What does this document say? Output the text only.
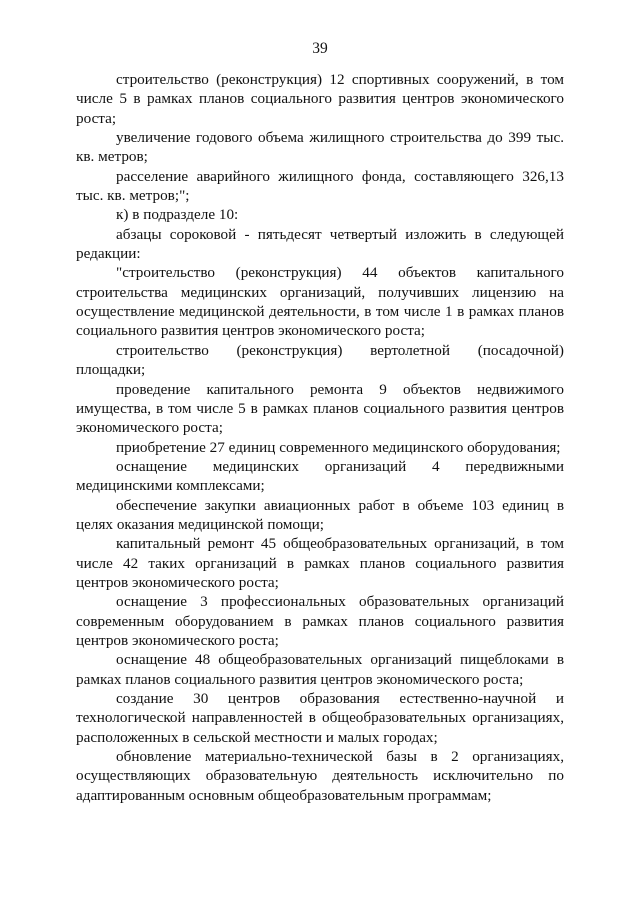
39

строительство (реконструкция) 12 спортивных сооружений, в том числе 5 в рамках планов социального развития центров экономического роста;

увеличение годового объема жилищного строительства до 399 тыс. кв. метров;

расселение аварийного жилищного фонда, составляющего 326,13 тыс. кв. метров;";

к) в подразделе 10:

абзацы сороковой - пятьдесят четвертый изложить в следующей редакции:

"строительство (реконструкция) 44 объектов капитального строительства медицинских организаций, получивших лицензию на осуществление медицинской деятельности, в том числе 1 в рамках планов социального развития центров экономического роста;

строительство (реконструкция) вертолетной (посадочной) площадки;

проведение капитального ремонта 9 объектов недвижимого имущества, в том числе 5 в рамках планов социального развития центров экономического роста;

приобретение 27 единиц современного медицинского оборудования;

оснащение медицинских организаций 4 передвижными медицинскими комплексами;

обеспечение закупки авиационных работ в объеме 103 единиц в целях оказания медицинской помощи;

капитальный ремонт 45 общеобразовательных организаций, в том числе 42 таких организаций в рамках планов социального развития центров экономического роста;

оснащение 3 профессиональных образовательных организаций современным оборудованием в рамках планов социального развития центров экономического роста;

оснащение 48 общеобразовательных организаций пищеблоками в рамках планов социального развития центров экономического роста;

создание 30 центров образования естественно-научной и технологической направленностей в общеобразовательных организациях, расположенных в сельской местности и малых городах;

обновление материально-технической базы в 2 организациях, осуществляющих образовательную деятельность исключительно по адаптированным основным общеобразовательным программам;
